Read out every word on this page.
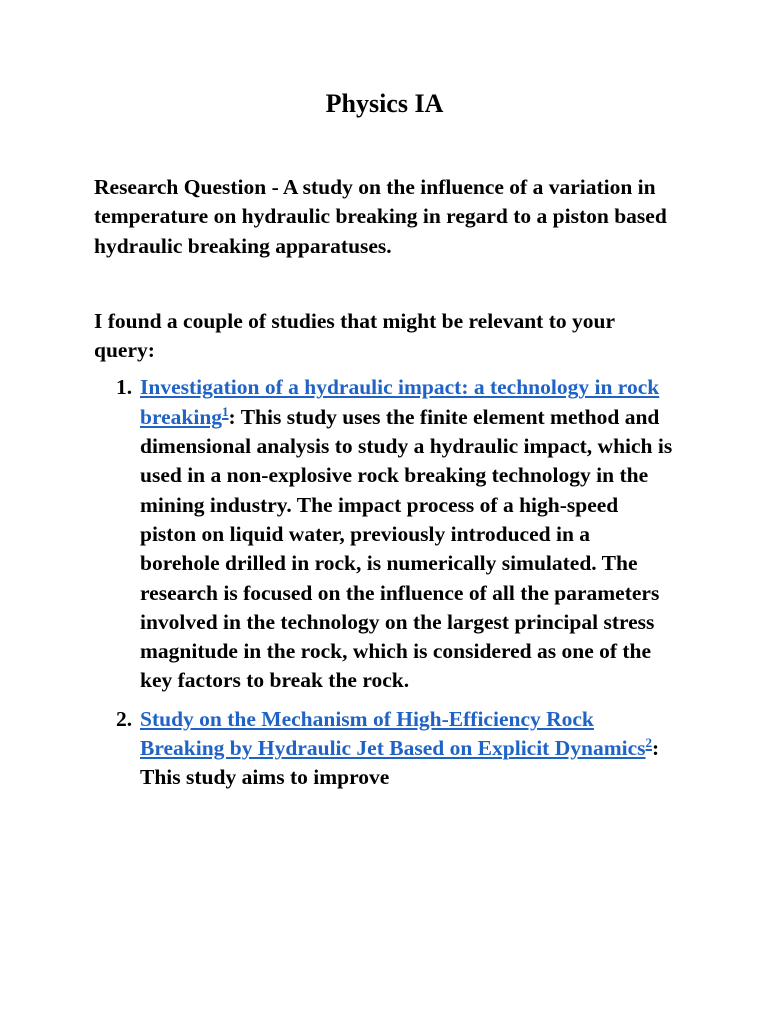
Physics IA

Research Question - A study on the influence of a variation in temperature on hydraulic breaking in regard to a piston based hydraulic breaking apparatuses.

I found a couple of studies that might be relevant to your query:

1. Investigation of a hydraulic impact: a technology in rock breaking$^1$: This study uses the finite element method and dimensional analysis to study a hydraulic impact, which is used in a non-explosive rock breaking technology in the mining industry. The impact process of a high-speed piston on liquid water, previously introduced in a borehole drilled in rock, is numerically simulated. The research is focused on the influence of all the parameters involved in the technology on the largest principal stress magnitude in the rock, which is considered as one of the key factors to break the rock.
2. Study on the Mechanism of High-Efficiency Rock Breaking by Hydraulic Jet Based on Explicit Dynamics$^2$: This study aims to improve
